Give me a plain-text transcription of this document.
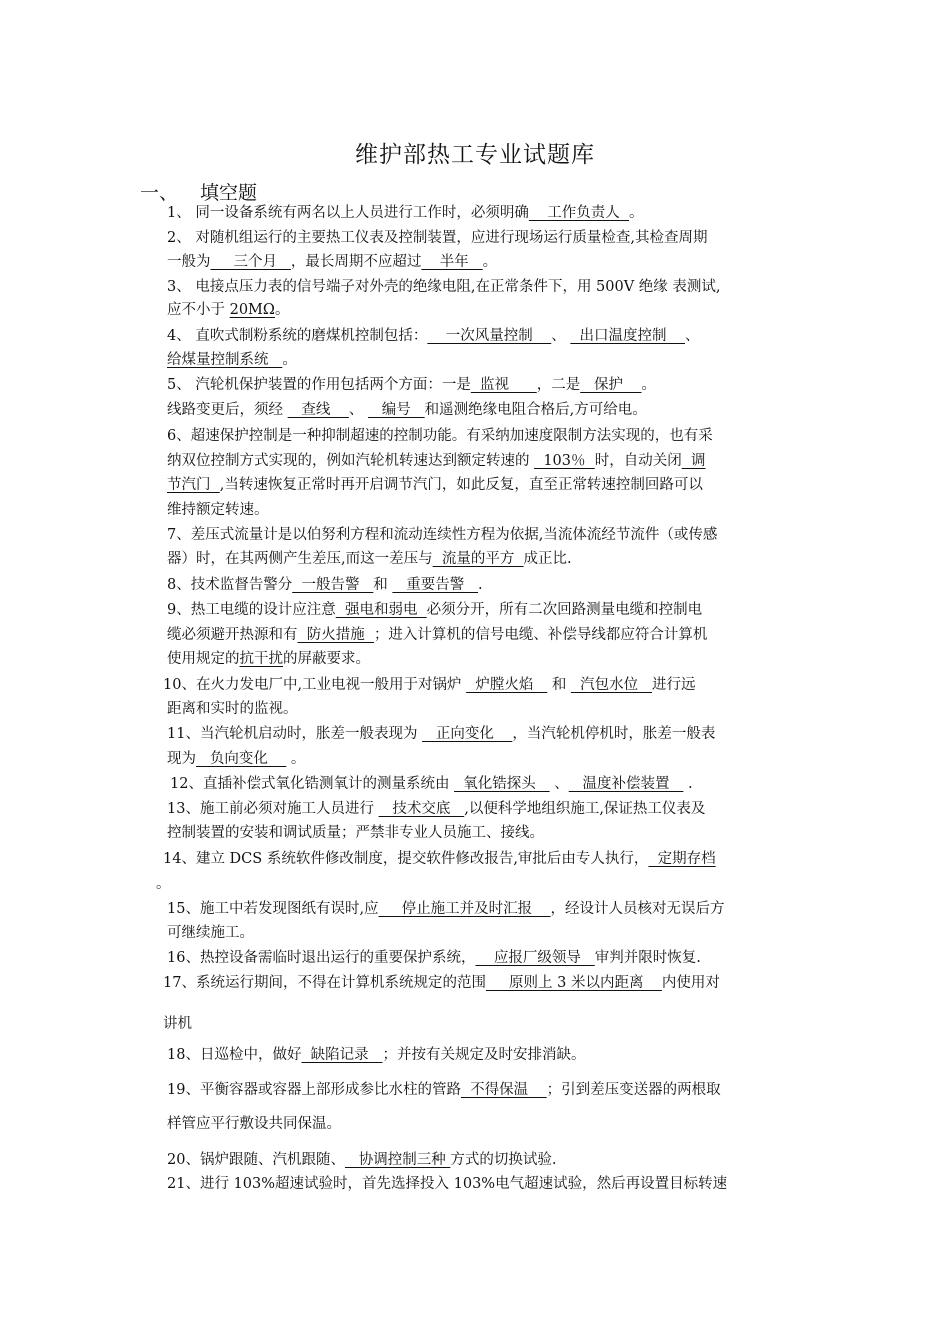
维护部热工专业试题库
一、 填空题
1、 同一设备系统有两名以上人员进行工作时，必须明确    工作负责人  。
2、 对随机组运行的主要热工仪表及控制装置，应进行现场运行质量检查,其检查周期
一般为     三个月   ，最长周期不应超过    半年   。
3、 电接点压力表的信号端子对外壳的绝缘电阻,在正常条件下，用 500V 绝缘 表测试,
应不小于 20MΩ。
4、 直吹式制粉系统的磨煤机控制包括：    一次风量控制    、   出口温度控制    、
给煤量控制系统   。
5、 汽轮机保护装置的作用包括两个方面：一是  监视      ，二是   保护    。
线路变更后，须经    查线    、    编号   和遥测绝缘电阻合格后,方可给电。
6、超速保护控制是一种抑制超速的控制功能。有采纳加速度限制方法实现的，也有采
纳双位控制方式实现的，例如汽轮机转速达到额定转速的   103％  时，自动关闭  调
节汽门  ,当转速恢复正常时再开启调节汽门，如此反复，直至正常转速控制回路可以
维持额定转速。
7、差压式流量计是以伯努利方程和流动连续性方程为依据,当流体流经节流件（或传感
器）时，在其两侧产生差压,而这一差压与  流量的平方  成正比.
8、技术监督告警分  一般告警   和    重要告警   .
9、热工电缆的设计应注意  强电和弱电  必须分开，所有二次回路测量电缆和控制电
缆必须避开热源和有  防火措施  ；进入计算机的信号电缆、补偿导线都应符合计算机
使用规定的抗干扰的屏蔽要求。
10、在火力发电厂中,工业电视一般用于对锅炉   炉膛火焰    和   汽包水位   进行远
距离和实时的监视。
11、当汽轮机启动时，胀差一般表现为    正向变化    ，当汽轮机停机时，胀差一般表
现为   负向变化     。
12、直插补偿式氧化锆测氧计的测量系统由   氧化锆探头    、   温度补偿装置    .
13、施工前必须对施工人员进行    技术交底   ,以便科学地组织施工,保证热工仪表及
控制装置的安装和调试质量；严禁非专业人员施工、接线。
14、建立 DCS 系统软件修改制度，提交软件修改报告,审批后由专人执行，  定期存档
。
15、施工中若发现图纸有误时,应     停止施工并及时汇报    ，经设计人员核对无误后方
可继续施工。
16、热控设备需临时退出运行的重要保护系统，    应报厂级领导   审判并限时恢复.
17、系统运行期间，不得在计算机系统规定的范围     原则上 3 米以内距离    内使用对
讲机
18、日巡检中，做好  缺陷记录   ；并按有关规定及时安排消缺。
19、平衡容器或容器上部形成参比水柱的管路  不得保温    ；引到差压变送器的两根取
样管应平行敷设共同保温。
20、锅炉跟随、汽机跟随、   协调控制三种 方式的切换试验.
21、进行 103%超速试验时，首先选择投入 103%电气超速试验，然后再设置目标转速
